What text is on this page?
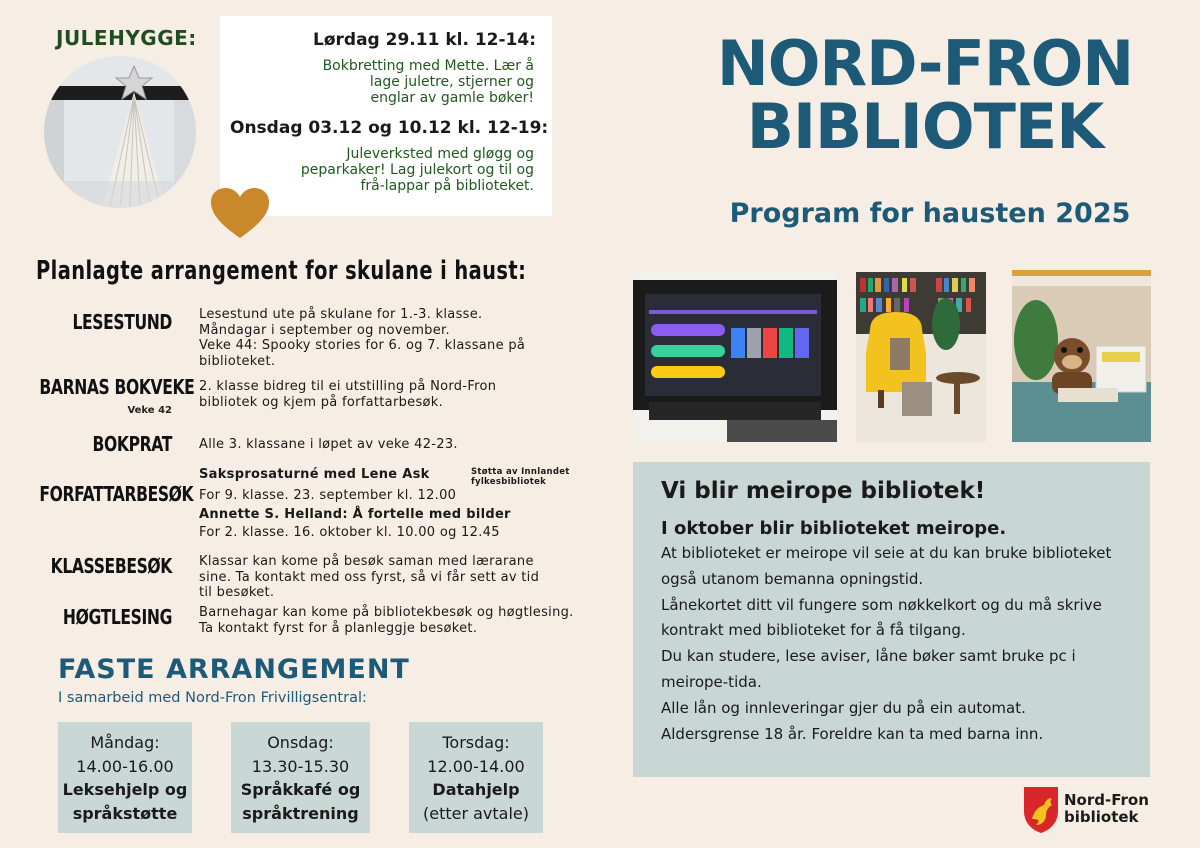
JULEHYGGE:	Lørdag 29.11 kl. 12-14:
Bokbretting med Mette. Lær å
lage juletre, stjerner og
englar av gamle bøker!
Onsdag 03.12 og 10.12 kl. 12-19:
Juleverksted med gløgg og
peparkaker! Lag julekort og til og
frå-lappar på biblioteket.
NORD-FRON
BIBLIOTEK
Program for hausten 2025
Planlagte arrangement for skulane i haust:
LESESTUND Lesestund ute på skulane for 1.-3. klasse.
Måndagar i september og november.
Veke 44: Spooky stories for 6. og 7. klassane på
biblioteket.
BARNAS BOKVEKE
Veke 42
2. klasse bidreg til ei utstilling på Nord-Fron
bibliotek og kjem på forfattarbesøk.
BOKPRAT Alle 3. klassane i løpet av veke 42-23.
FORFATTARBESØK
Saksprosaturné med Lene Ask	Støtta av Innlandet
fylkesbibliotek
For 9. klasse. 23. september kl. 12.00
Annette S. Helland: Å fortelle med bilder
For 2. klasse. 16. oktober kl. 10.00 og 12.45
KLASSEBESØK Klassar kan kome på besøk saman med lærarane
sine. Ta kontakt med oss fyrst, så vi får sett av tid
til besøket.
HØGTLESING Barnehagar kan kome på bibliotekbesøk og høgtlesing.
Ta kontakt fyrst for å planleggje besøket.
FASTE ARRANGEMENT
I samarbeid med Nord-Fron Frivilligsentral:
Måndag:
14.00-16.00
Leksehjelp og
språkstøtte
Onsdag:
13.30-15.30
Språkkafé og
språktrening
Torsdag:
12.00-14.00
Datahjelp
(etter avtale)
Vi blir meirope bibliotek!
I oktober blir biblioteket meirope.
At biblioteket er meirope vil seie at du kan bruke biblioteket
også utanom bemanna opningstid.
Lånekortet ditt vil fungere som nøkkelkort og du må skrive
kontrakt med biblioteket for å få tilgang.
Du kan studere, lese aviser, låne bøker samt bruke pc i
meirope-tida.
Alle lån og innleveringar gjer du på ein automat.
Aldersgrense 18 år. Foreldre kan ta med barna inn.
Nord-Fron
bibliotek
